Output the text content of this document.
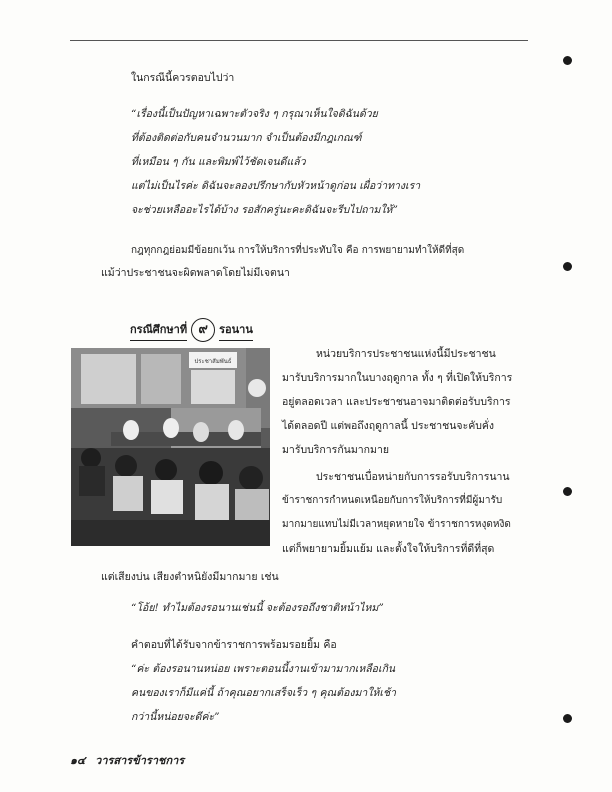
ในกรณีนี้ควรตอบไปว่า
“เรื่องนี้เป็นปัญหาเฉพาะตัวจริง ๆ กรุณาเห็นใจดิฉันด้วย
ที่ต้องติดต่อกับคนจำนวนมาก จำเป็นต้องมีกฎเกณฑ์
ที่เหมือน ๆ กัน และพิมพ์ไว้ชัดเจนดีแล้ว
แต่ไม่เป็นไรค่ะ ดิฉันจะลองปรึกษากับหัวหน้าดูก่อน เผื่อว่าทางเรา
จะช่วยเหลืออะไรได้บ้าง รอสักครู่นะคะดิฉันจะรีบไปถามให้”
กฎทุกกฎย่อมมีข้อยกเว้น การให้บริการที่ประทับใจ คือ การพยายามทำให้ดีที่สุด
แม้ว่าประชาชนจะผิดพลาดโดยไม่มีเจตนา
กรณีศึกษาที่ ๙	รอนาน
ประชาสัมพันธ์
หน่วยบริการประชาชนแห่งนี้มีประชาชน
มารับบริการมากในบางฤดูกาล ทั้ง ๆ ที่เปิดให้บริการ
อยู่ตลอดเวลา และประชาชนอาจมาติดต่อรับบริการ
ได้ตลอดปี แต่พอถึงฤดูกาลนี้ ประชาชนจะคับคั่ง
มารับบริการกันมากมาย
ประชาชนเบื่อหน่ายกับการรอรับบริการนาน
ข้าราชการกำหนดเหนือยกับการให้บริการที่มีผู้มารับ
มากมายแทบไม่มีเวลาหยุดหายใจ ข้าราชการหงุดหงิด
แต่ก็พยายามยิ้มแย้ม และตั้งใจให้บริการที่ดีที่สุด
แต่เสียงบ่น เสียงตำหนิยังมีมากมาย เช่น
“โอ้ย! ทำไมต้องรอนานเช่นนี้ จะต้องรอถึงชาติหน้าไหม”
คำตอบที่ได้รับจากข้าราชการพร้อมรอยยิ้ม คือ
“ค่ะ ต้องรอนานหน่อย เพราะตอนนี้งานเข้ามามากเหลือเกิน
คนของเราก็มีแค่นี้ ถ้าคุณอยากเสร็จเร็ว ๆ คุณต้องมาให้เช้า
กว่านี้หน่อยจะดีค่ะ”
๑๔ วารสารข้าราชการ
